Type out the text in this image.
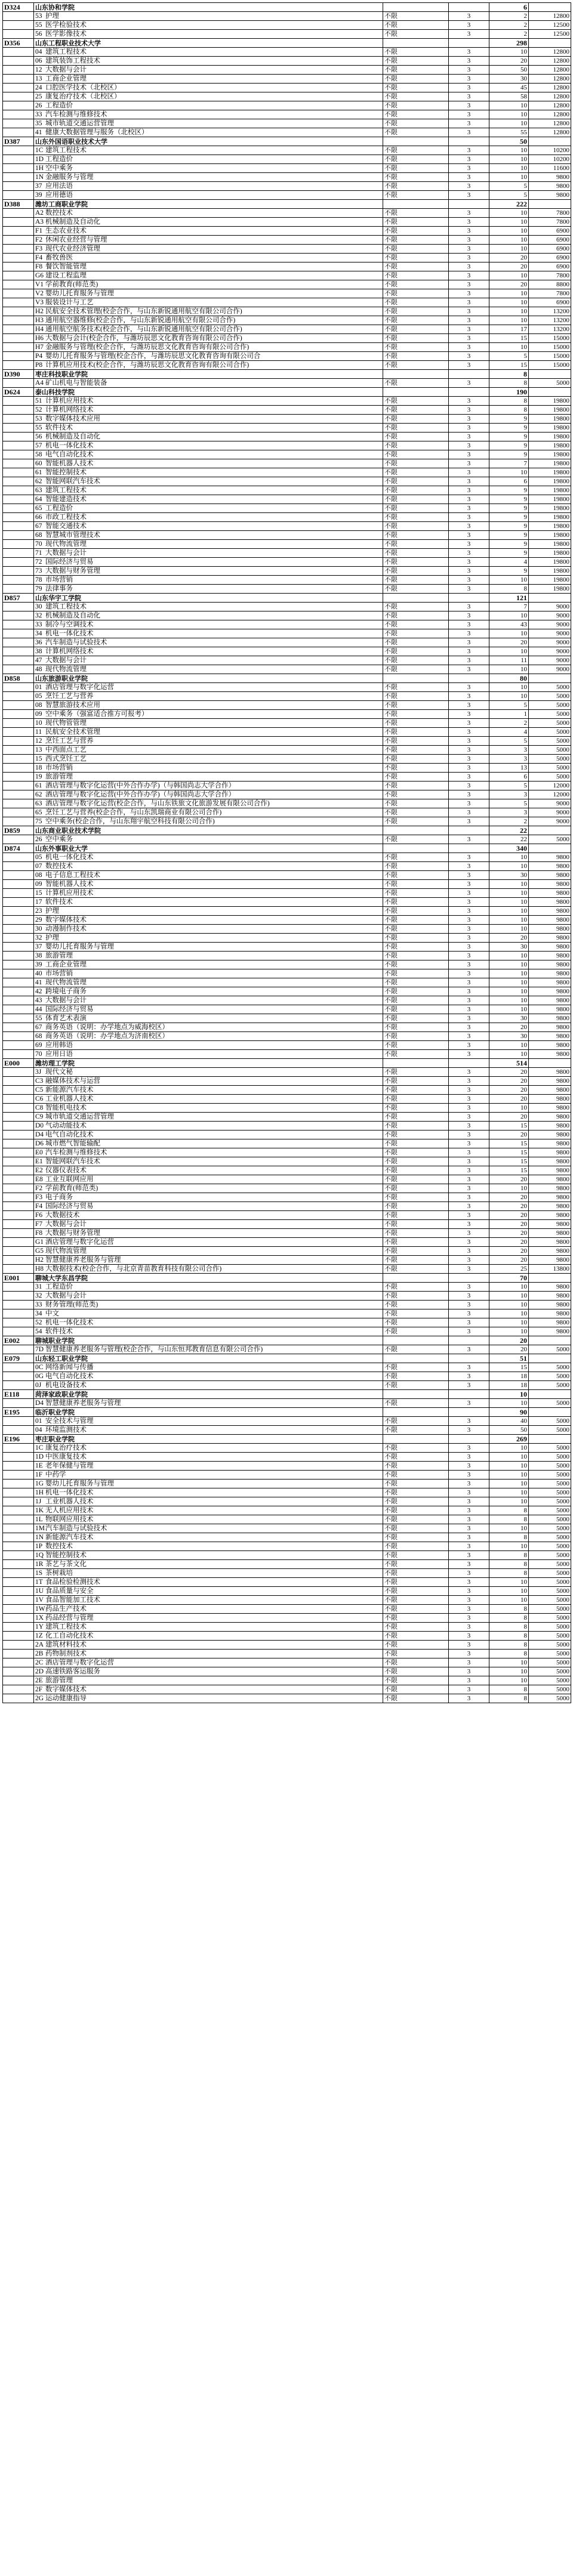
D324	山东协和学院			6	
	53 护理	不限	3	2	12800
	55 医学检验技术	不限	3	2	12500
	56 医学影像技术	不限	3	2	12500
D356	山东工程职业技术大学			298	
	04 建筑工程技术	不限	3	10	12800
	06 建筑装饰工程技术	不限	3	20	12800
	12 大数据与会计	不限	3	50	12800
	13 工商企业管理	不限	3	30	12800
	24 口腔医学技术（北校区）	不限	3	45	12800
	25 康复治疗技术（北校区）	不限	3	58	12800
	26 工程造价	不限	3	10	12800
	33 汽车检测与维修技术	不限	3	10	12800
	35 城市轨道交通运营管理	不限	3	10	12800
	41 健康大数据管理与服务（北校区）	不限	3	55	12800
D387	山东外国语职业技术大学			50	
	1C 建筑工程技术	不限	3	10	10200
	1D 工程造价	不限	3	10	10200
	1H 空中乘务	不限	3	10	11600
	1N 金融服务与管理	不限	3	10	9800
	37 应用法语	不限	3	5	9800
	39 应用德语	不限	3	5	9800
D388	潍坊工商职业学院			222	
	A2 数控技术	不限	3	10	7800
	A3 机械制造及自动化	不限	3	10	7800
	F1 生态农业技术	不限	3	10	6900
	F2 休闲农业经营与管理	不限	3	10	6900
	F3 现代农业经济管理	不限	3	10	6900
	F4 畜牧兽医	不限	3	20	6900
	F8 餐饮智能管理	不限	3	20	6900
	G6 建设工程监理	不限	3	10	7800
	V1 学前教育(师范类)	不限	3	20	8800
	V2 婴幼儿托育服务与管理	不限	3	10	7800
	V3 服装设计与工艺	不限	3	10	6900
	H2 民航安全技术管理(校企合作，与山东新锐通用航空有限公司合作)	不限	3	10	13200
	H3 通用航空器维修(校企合作，与山东新锐通用航空有限公司合作)	不限	3	10	13200
	H4 通用航空航务技术(校企合作，与山东新锐通用航空有限公司合作)	不限	3	17	13200
	H6 大数据与会计(校企合作，与潍坊辰思文化教育咨询有限公司合作)	不限	3	15	15000
	H7 金融服务与管理(校企合作，与潍坊辰思文化教育咨询有限公司合作)	不限	3	10	15000
	P4 婴幼儿托育服务与管理(校企合作，与潍坊辰思文化教育咨询有限公司合	不限	3	5	15000
	P8 计算机应用技术(校企合作，与潍坊辰思文化教育咨询有限公司合作)	不限	3	15	15000
D390	枣庄科技职业学院			8	
	A4 矿山机电与智能装备	不限	3	8	5000
D624	泰山科技学院			190	
	51 计算机应用技术	不限	3	8	19800
	52 计算机网络技术	不限	3	8	19800
	53 数字媒体技术应用	不限	3	9	19800
	55 软件技术	不限	3	9	19800
	56 机械制造及自动化	不限	3	9	19800
	57 机电一体化技术	不限	3	9	19800
	58 电气自动化技术	不限	3	9	19800
	60 智能机器人技术	不限	3	7	19800
	61 智能控制技术	不限	3	10	19800
	62 智能网联汽车技术	不限	3	6	19800
	63 建筑工程技术	不限	3	9	19800
	64 智能建造技术	不限	3	9	19800
	65 工程造价	不限	3	9	19800
	66 市政工程技术	不限	3	9	19800
	67 智能交通技术	不限	3	9	19800
	68 智慧城市管理技术	不限	3	9	19800
	70 现代物流管理	不限	3	9	19800
	71 大数据与会计	不限	3	9	19800
	72 国际经济与贸易	不限	3	4	19800
	73 大数据与财务管理	不限	3	9	19800
	78 市场营销	不限	3	10	19800
	79 法律事务	不限	3	8	19800
D857	山东华宇工学院			121	
	30 建筑工程技术	不限	3	7	9000
	32 机械制造及自动化	不限	3	10	9000
	33 制冷与空调技术	不限	3	43	9000
	34 机电一体化技术	不限	3	10	9000
	36 汽车制造与试验技术	不限	3	20	9000
	38 计算机网络技术	不限	3	10	9000
	47 大数据与会计	不限	3	11	9000
	48 现代物流管理	不限	3	10	9000
D858	山东旅游职业学院			80	
	01 酒店管理与数字化运营	不限	3	10	5000
	05 烹饪工艺与营养	不限	3	10	5000
	08 智慧旅游技术应用	不限	3	5	5000
	09 空中乘务（强富适合推方可报考）	不限	3	1	5000
	10 现代物管管理	不限	3	2	5000
	11 民航安全技术管理	不限	3	4	5000
	12 烹饪工艺与营养	不限	3	5	5000
	13 中西面点工艺	不限	3	3	5000
	15 西式烹饪工艺	不限	3	3	5000
	18 市场营销	不限	3	13	5000
	19 旅游管理	不限	3	6	5000
	61 酒店管理与数字化运营(中外合作办学)（与韩国尚志大学合作）	不限	3	5	12000
	62 酒店管理与数字化运营(中外合作办学)（与韩国尚志大学合作）	不限	3	3	12000
	63 酒店管理与数字化运营(校企合作，与山东铁旅文化旅游发展有限公司合作)	不限	3	5	9000
	65 烹饪工艺与营养(校企合作，与山东凯瑞商业有限公司合作)	不限	3	3	9000
	75 空中乘务(校企合作，与山东翔宇航空科技有限公司合作)	不限	3	2	9000
D859	山东商业职业技术学院			22	
	26 空中乘务	不限	3	22	5000
D874	山东外事职业大学			340	
	05 机电一体化技术	不限	3	10	9800
	07 数控技术	不限	3	10	9800
	08 电子信息工程技术	不限	3	30	9800
	09 智能机器人技术	不限	3	10	9800
	15 计算机应用技术	不限	3	10	9800
	17 软件技术	不限	3	10	9800
	23 护理	不限	3	10	9800
	29 数字媒体技术	不限	3	10	9800
	30 动漫制作技术	不限	3	10	9800
	32 护理	不限	3	20	9800
	37 婴幼儿托育服务与管理	不限	3	30	9800
	38 旅游管理	不限	3	10	9800
	39 工商企业管理	不限	3	10	9800
	40 市场营销	不限	3	10	9800
	41 现代物流管理	不限	3	10	9800
	42 跨境电子商务	不限	3	10	9800
	43 大数据与会计	不限	3	10	9800
	44 国际经济与贸易	不限	3	10	9800
	55 体育艺术表演	不限	3	30	9800
	67 商务英语（说明：办学地点为威海校区）	不限	3	20	9800
	68 商务英语（说明：办学地点为济南校区）	不限	3	30	9800
	69 应用韩语	不限	3	10	9800
	70 应用日语	不限	3	10	9800
E000	潍坊理工学院			514	
	3J 现代文秘	不限	3	20	9800
	C3 融媒体技术与运营	不限	3	20	9800
	C5 新能源汽车技术	不限	3	20	9800
	C6 工业机器人技术	不限	3	20	9800
	C8 智能机电技术	不限	3	10	9800
	C9 城市轨道交通运营管理	不限	3	20	9800
	D0 气动动能技术	不限	3	15	9800
	D4 电气自动化技术	不限	3	20	9800
	D6 城市燃气智能输配	不限	3	15	9800
	E0 汽车检测与维修技术	不限	3	15	9800
	E1 智能网联汽车技术	不限	3	15	9800
	E2 仪器仪表技术	不限	3	15	9800
	E8 工业互联网应用	不限	3	20	9800
	F2 学前教育(师范类)	不限	3	10	9800
	F3 电子商务	不限	3	20	9800
	F4 国际经济与贸易	不限	3	20	9800
	F6 大数据技术	不限	3	20	9800
	F7 大数据与会计	不限	3	20	9800
	F8 大数据与财务管理	不限	3	20	9800
	G1 酒店管理与数字化运营	不限	3	20	9800
	G5 现代物流管理	不限	3	20	9800
	H2 智慧健康养老服务与管理	不限	3	20	9800
	H8 大数据技术(校企合作，与北京青苗教育科技有限公司合作)	不限	3	25	13800
E001	聊城大学东昌学院			70	
	31 工程造价	不限	3	10	9800
	32 大数据与会计	不限	3	10	9800
	33 财务管理(师范类)	不限	3	10	9800
	34 中文	不限	3	10	9800
	52 机电一体化技术	不限	3	10	9800
	54 软件技术	不限	3	10	9800
E002	聊城职业学院			20	
	7D 智慧健康养老服务与管理(校企合作，与山东恒邦教育信息有限公司合作)	不限	3	20	5000
E079	山东轻工职业学院			51	
	0C 网络新闻与传播	不限	3	15	5000
	0G 电气自动化技术	不限	3	18	5000
	0J 机电设备技术	不限	3	18	5000
E118	菏泽家政职业学院			10	
	D4 智慧健康养老服务与管理	不限	3	10	5000
E195	临沂职业学院			90	
	01 安全技术与管理	不限	3	40	5000
	04 环境监测技术	不限	3	50	5000
E196	枣庄职业学院			269	
	1C 康复治疗技术	不限	3	10	5000
	1D 中医康复技术	不限	3	10	5000
	1E 老年保健与管理	不限	3	10	5000
	1F 中药学	不限	3	10	5000
	1G 婴幼儿托育服务与管理	不限	3	10	5000
	1H 机电一体化技术	不限	3	10	5000
	1J 工业机器人技术	不限	3	10	5000
	1K 无人机应用技术	不限	3	8	5000
	1L 物联网应用技术	不限	3	8	5000
	1M汽车制造与试验技术	不限	3	10	5000
	1N 新能源汽车技术	不限	3	8	5000
	1P 数控技术	不限	3	10	5000
	1Q 智能控制技术	不限	3	8	5000
	1R 茶艺与茶文化	不限	3	8	5000
	1S 茶树栽培	不限	3	8	5000
	1T 食品检验检测技术	不限	3	10	5000
	1U 食品质量与安全	不限	3	10	5000
	1V 食品智能加工技术	不限	3	10	5000
	1W药品生产技术	不限	3	8	5000
	1X 药品经营与管理	不限	3	8	5000
	1Y 建筑工程技术	不限	3	8	5000
	1Z 化工自动化技术	不限	3	8	5000
	2A 建筑材料技术	不限	3	8	5000
	2B 药物制剂技术	不限	3	8	5000
	2C 酒店管理与数字化运营	不限	3	10	5000
	2D 高速铁路客运服务	不限	3	10	5000
	2E 旅游管理	不限	3	10	5000
	2F 数字媒体技术	不限	3	8	5000
	2G 运动健康指导	不限	3	8	5000
